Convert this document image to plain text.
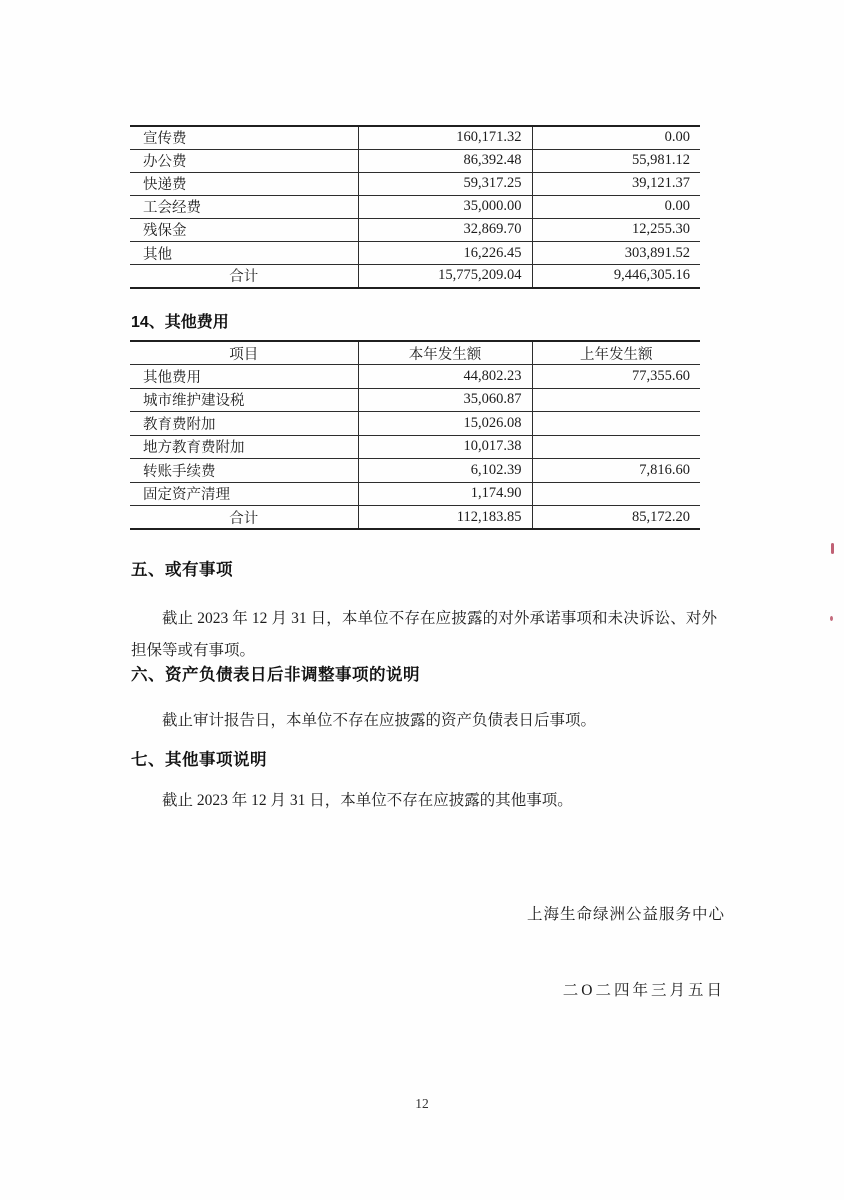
宣传费	160,171.32	0.00
办公费	86,392.48	55,981.12
快递费	59,317.25	39,121.37
工会经费	35,000.00	0.00
残保金	32,869.70	12,255.30
其他	16,226.45	303,891.52
合计	15,775,209.04	9,446,305.16
14、其他费用
项目	本年发生额	上年发生额
其他费用	44,802.23	77,355.60
城市维护建设税	35,060.87	
教育费附加	15,026.08	
地方教育费附加	10,017.38	
转账手续费	6,102.39	7,816.60
固定资产清理	1,174.90	
合计	112,183.85	85,172.20
五、或有事项

截止 2023 年 12 月 31 日，本单位不存在应披露的对外承诺事项和未决诉讼、对外担保等或有事项。

六、资产负债表日后非调整事项的说明

截止审计报告日，本单位不存在应披露的资产负债表日后事项。

七、其他事项说明

截止 2023 年 12 月 31 日，本单位不存在应披露的其他事项。

上海生命绿洲公益服务中心
二O二四年三月五日
12
